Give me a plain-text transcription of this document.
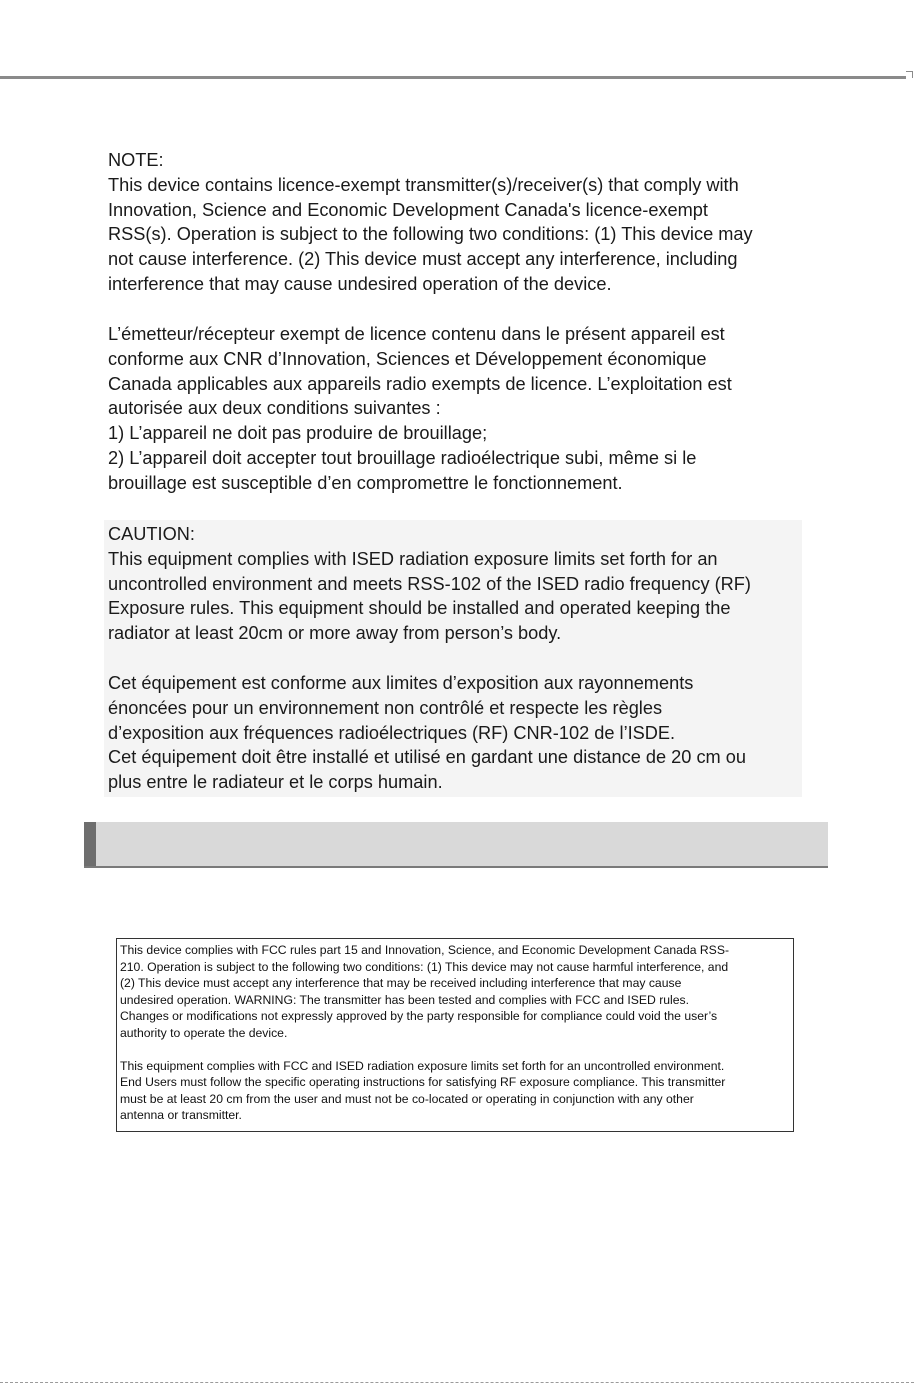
NOTE:
This device contains licence-exempt transmitter(s)/receiver(s) that comply with
Innovation, Science and Economic Development Canada's licence-exempt
RSS(s). Operation is subject to the following two conditions: (1) This device may
not cause interference. (2) This device must accept any interference, including
interference that may cause undesired operation of the device.
L’émetteur/récepteur exempt de licence contenu dans le présent appareil est
conforme aux CNR d’Innovation, Sciences et Développement économique
Canada applicables aux appareils radio exempts de licence. L’exploitation est
autorisée aux deux conditions suivantes :
1) L’appareil ne doit pas produire de brouillage;
2) L’appareil doit accepter tout brouillage radioélectrique subi, même si le
brouillage est susceptible d’en compromettre le fonctionnement.
CAUTION:
This equipment complies with ISED radiation exposure limits set forth for an
uncontrolled environment and meets RSS-102 of the ISED radio frequency (RF)
Exposure rules. This equipment should be installed and operated keeping the
radiator at least 20cm or more away from person’s body.
Cet équipement est conforme aux limites d’exposition aux rayonnements
énoncées pour un environnement non contrôlé et respecte les règles
d’exposition aux fréquences radioélectriques (RF) CNR-102 de l’ISDE.
Cet équipement doit être installé et utilisé en gardant une distance de 20 cm ou
plus entre le radiateur et le corps humain.
This device complies with FCC rules part 15 and Innovation, Science, and Economic Development Canada RSS-
210. Operation is subject to the following two conditions: (1) This device may not cause harmful interference, and
(2) This device must accept any interference that may be received including interference that may cause
undesired operation. WARNING: The transmitter has been tested and complies with FCC and ISED rules.
Changes or modifications not expressly approved by the party responsible for compliance could void the user’s
authority to operate the device.
This equipment complies with FCC and ISED radiation exposure limits set forth for an uncontrolled environment.
End Users must follow the specific operating instructions for satisfying RF exposure compliance. This transmitter
must be at least 20 cm from the user and must not be co-located or operating in conjunction with any other
antenna or transmitter.
